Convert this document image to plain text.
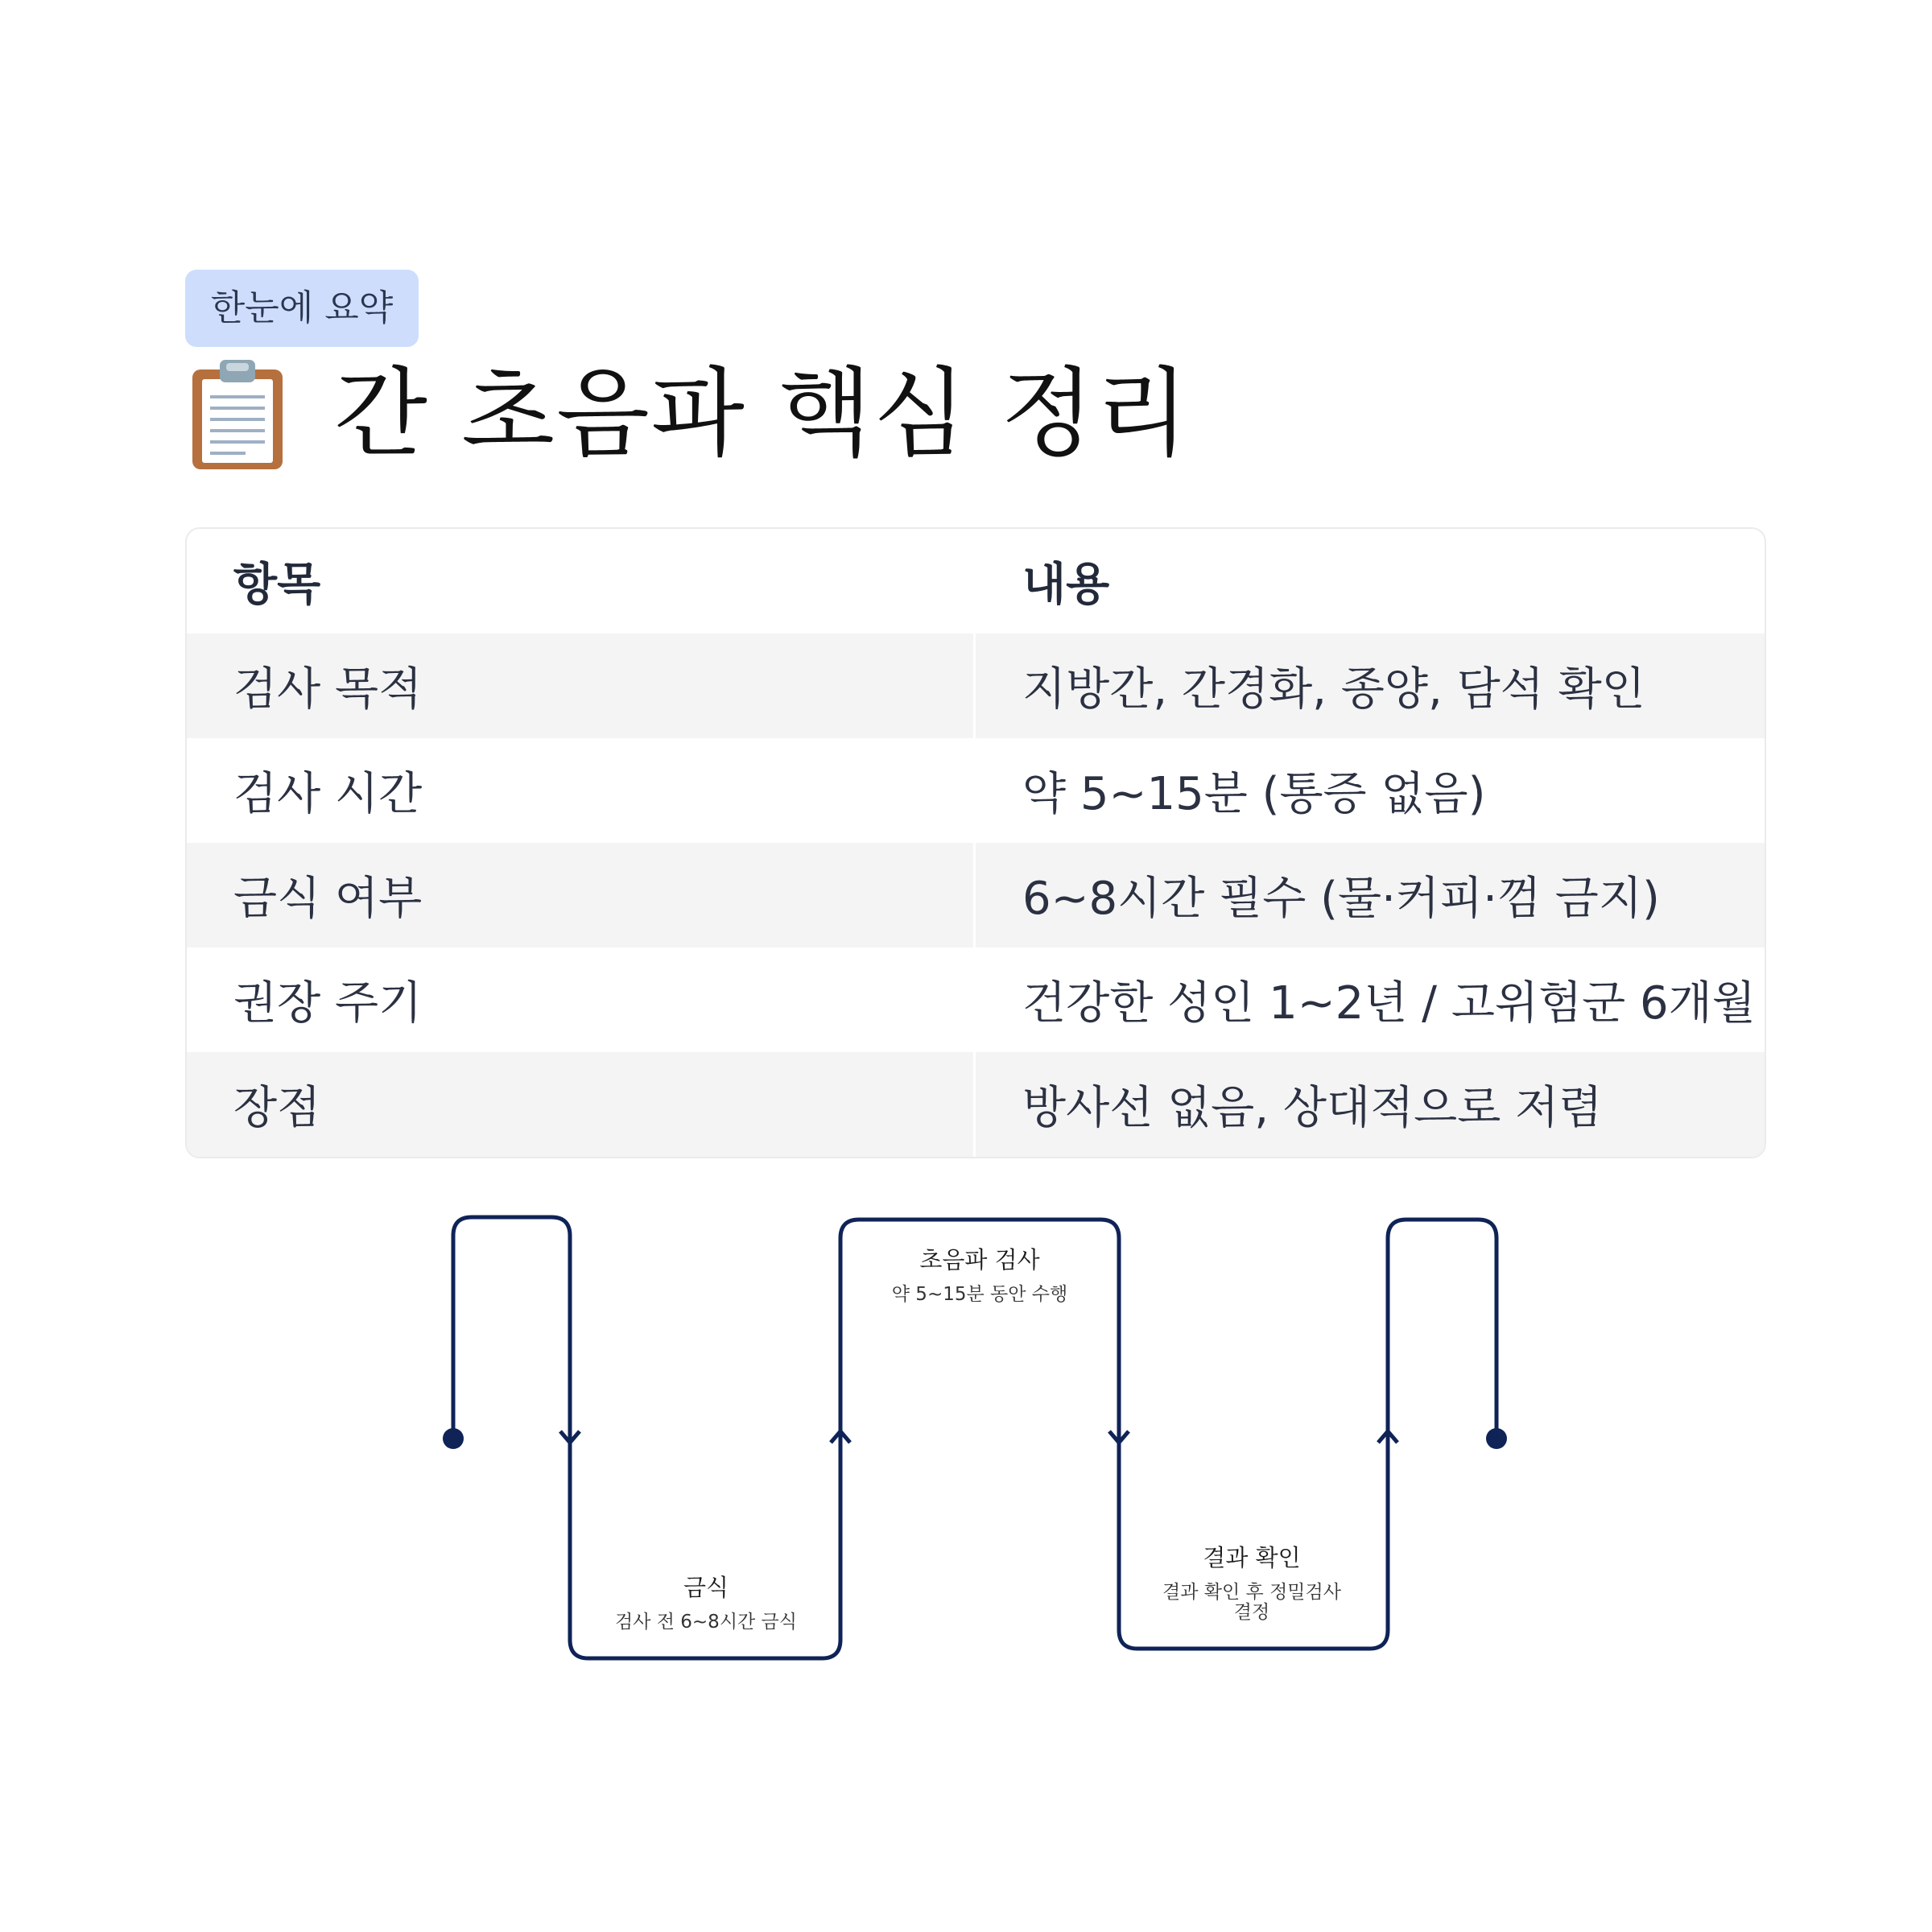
한눈에 요약
간 초음파 핵심 정리
항목	내용
검사 목적	지방간, 간경화, 종양, 담석 확인
검사 시간	약 5~15분 (통증 없음)
금식 여부	6~8시간 필수 (물·커피·껌 금지)
권장 주기	건강한 성인 1~2년 / 고위험군 6개월
장점	방사선 없음, 상대적으로 저렴
금식
검사 전 6~8시간 금식
초음파 검사
약 5~15분 동안 수행
결과 확인
결과 확인 후 정밀검사
결정
